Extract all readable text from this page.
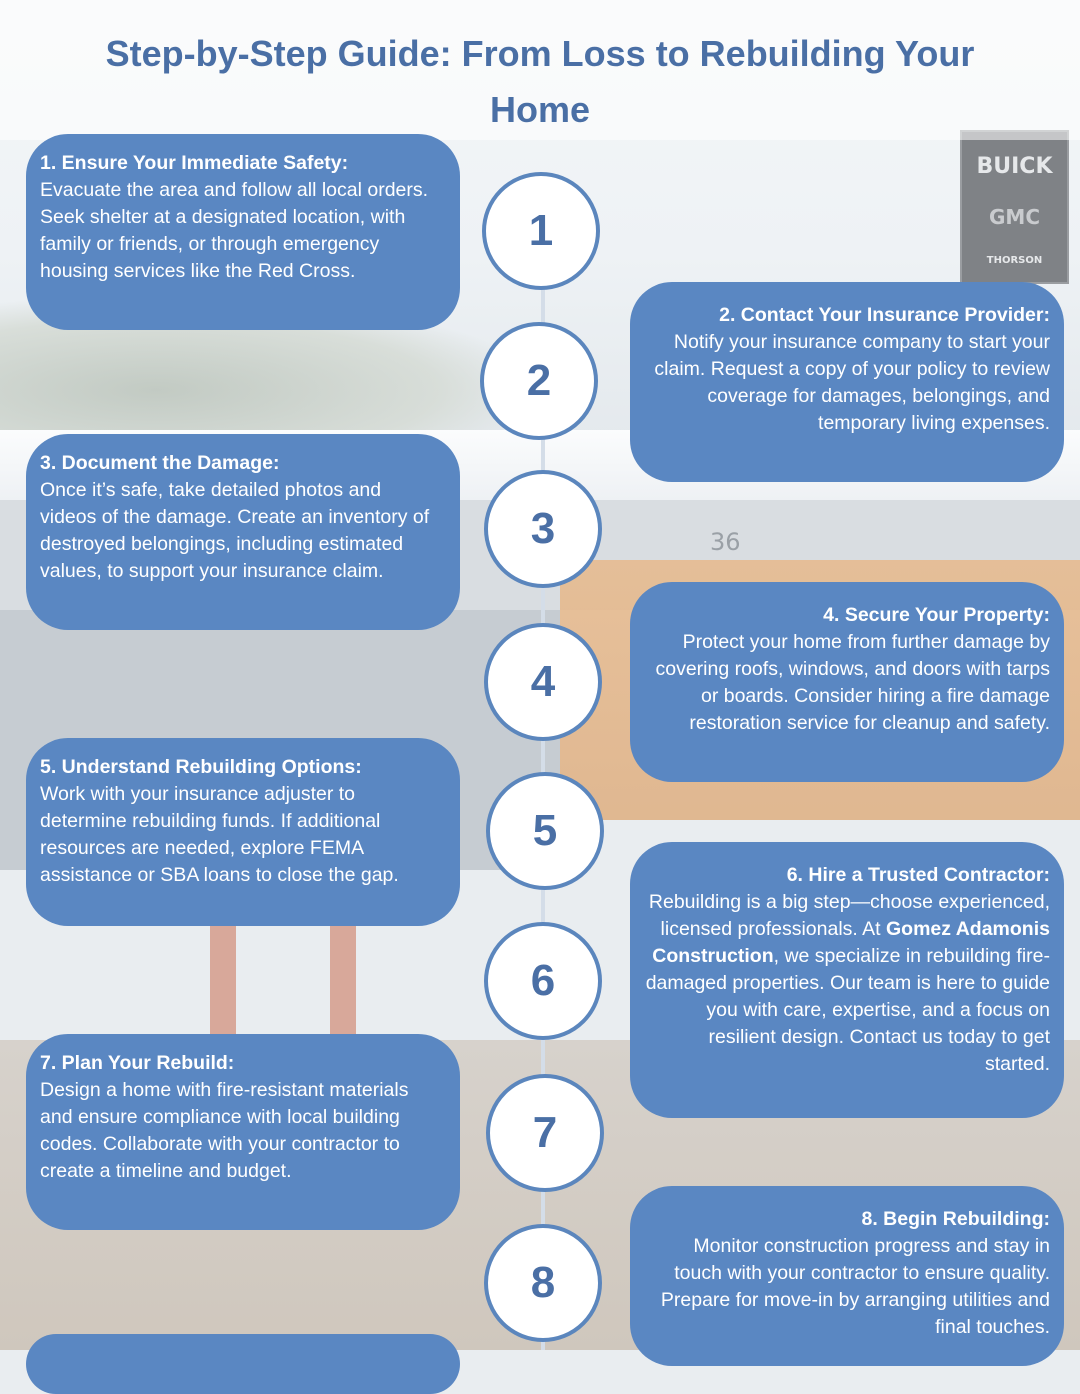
BUICK
GMC
THORSON
36
Step-by-Step Guide: From Loss to Rebuilding Your Home
1
2
3
4
5
6
7
8
1. Ensure Your Immediate Safety:
Evacuate the area and follow all local orders. Seek shelter at a designated location, with family or friends, or through emergency housing services like the Red Cross.
2. Contact Your Insurance Provider:
Notify your insurance company to start your claim. Request a copy of your policy to review coverage for damages, belongings, and temporary living expenses.
3. Document the Damage:
Once it’s safe, take detailed photos and videos of the damage. Create an inventory of destroyed belongings, including estimated values, to support your insurance claim.
4. Secure Your Property:
Protect your home from further damage by covering roofs, windows, and doors with tarps or boards. Consider hiring a fire damage restoration service for cleanup and safety.
5. Understand Rebuilding Options:
Work with your insurance adjuster to determine rebuilding funds. If additional resources are needed, explore FEMA assistance or SBA loans to close the gap.	6. Hire a Trusted Contractor:
Rebuilding is a big step—choose experienced, licensed professionals. At Gomez Adamonis Construction, we specialize in rebuilding fire-damaged properties. Our team is here to guide you with care, expertise, and a focus on resilient design. Contact us today to get started.
7. Plan Your Rebuild:
Design a home with fire-resistant materials and ensure compliance with local building codes. Collaborate with your contractor to create a timeline and budget.
8. Begin Rebuilding:
Monitor construction progress and stay in touch with your contractor to ensure quality. Prepare for move-in by arranging utilities and final touches.
